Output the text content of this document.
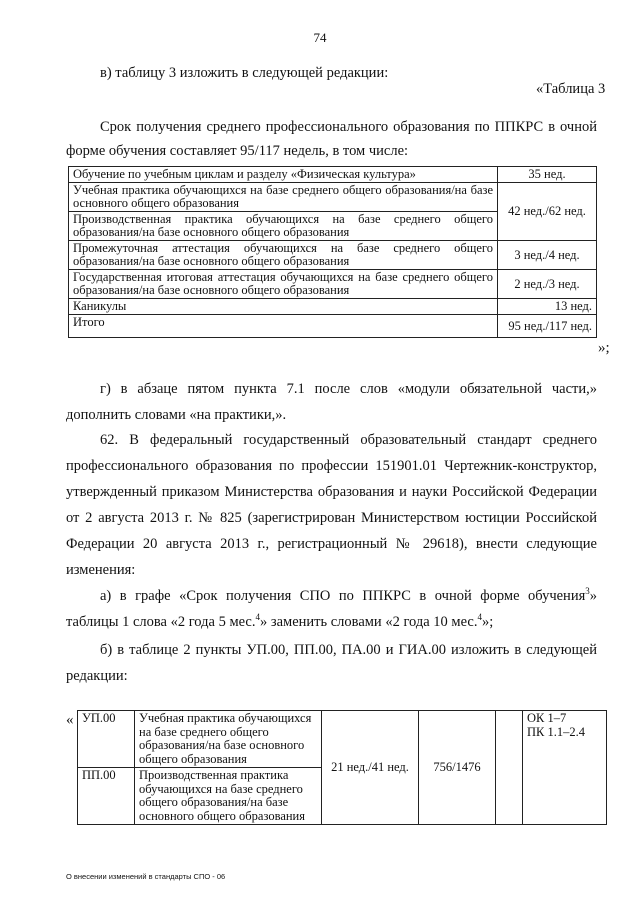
74
в) таблицу 3 изложить в следующей редакции:
«Таблица 3
Срок получения среднего профессионального образования по ППКРС в очной
форме обучения составляет 95/117 недель, в том числе:
Обучение по учебным циклам и разделу «Физическая культура»	35 нед.

Учебная практика обучающихся на базе среднего общего образования/на базе основного общего образования	42 нед./62 нед.

Производственная практика обучающихся на базе среднего общего образования/на базе основного общего образования	

Промежуточная аттестация обучающихся на базе среднего общего образования/на базе основного общего образования	3 нед./4 нед.

Государственная итоговая аттестация обучающихся на базе среднего общего образования/на базе основного общего образования	2 нед./3 нед.
Каникулы	13 нед.
Итого	95 нед./117 нед.
»;
г) в абзаце пятом пункта 7.1 после слов «модули обязательной части,»
дополнить словами «на практики,».
62. В федеральный государственный образовательный стандарт среднего
профессионального образования по профессии 151901.01 Чертежник-конструктор,
утвержденный приказом Министерства образования и науки Российской Федерации
от 2 августа 2013 г. № 825 (зарегистрирован Министерством юстиции Российской
Федерации 20 августа 2013 г., регистрационный № 29618), внести следующие
изменения:
а) в графе «Срок получения СПО по ППКРС в очной форме обучения$^3$»
таблицы 1 слова «2 года 5 мес.$^4$» заменить словами «2 года 10 мес.$^4$»;
б) в таблице 2 пункты УП.00, ПП.00, ПА.00 и ГИА.00 изложить в следующей
редакции:
« УП.00	Учебная практика обучающихся на базе среднего общего образования/на базе основного общего образования	21 нед./41 нед.	756/1476		ОК 1–7
ПК 1.1–2.4

ПП.00	Производственная практика обучающихся на базе среднего общего образования/на базе основного общего образования				
О внесении изменений в стандарты СПО - 06
